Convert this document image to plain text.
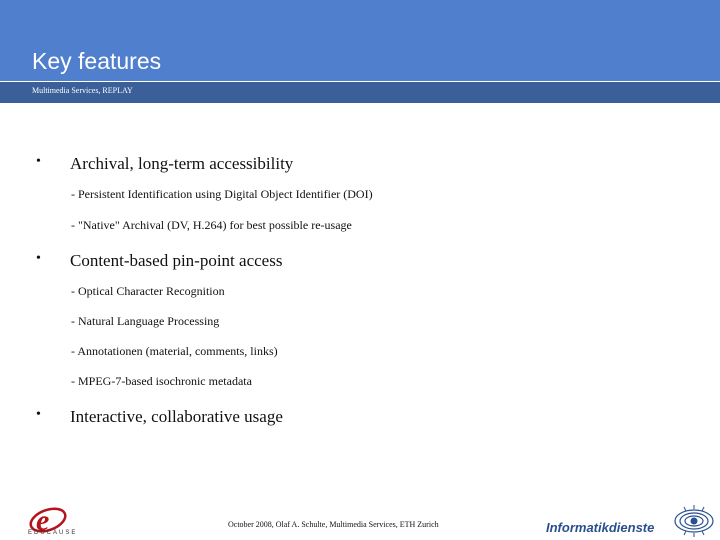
Key features
Multimedia Services, REPLAY
• Archival, long-term accessibility
- Persistent Identification using Digital Object Identifier (DOI)
- "Native" Archival (DV, H.264) for best possible re-usage
• Content-based pin-point access
- Optical Character Recognition
- Natural Language Processing
- Annotationen (material, comments, links)
- MPEG-7-based isochronic metadata
• Interactive, collaborative usage
e
EDUCAUSE
October 2008, Olaf A. Schulte, Multimedia Services, ETH Zurich	Informatikdienste
